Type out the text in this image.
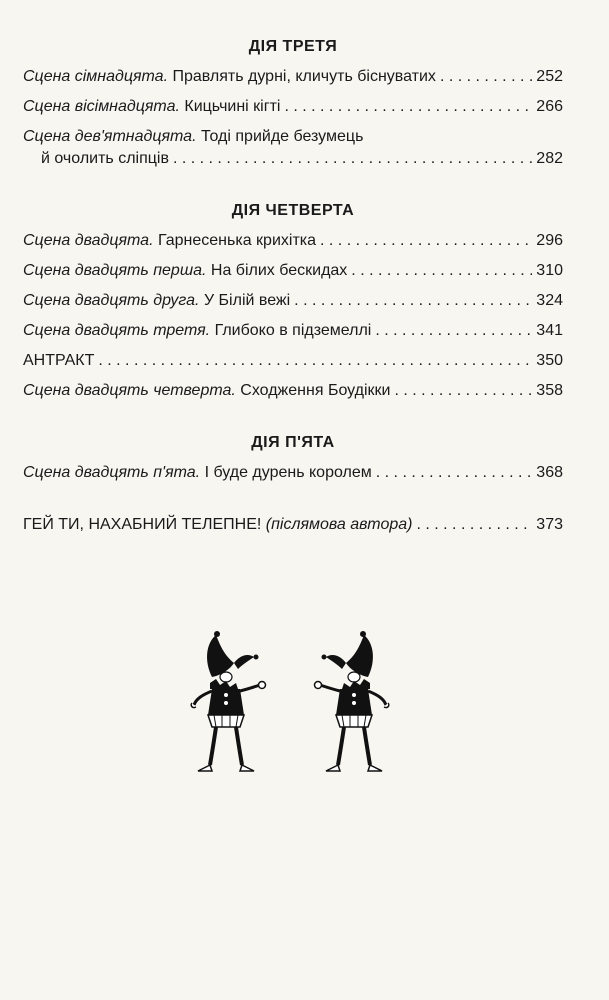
ДІЯ ТРЕТЯ
Сцена сімнадцята. Правлять дурні, кличуть біснуватих . . .	252
Сцена вісімнадцята. Кицьчині кігті . . .	266
Сцена дев'ятнадцята. Тоді прийде безумець
й очолить сліпців . . .	282
ДІЯ ЧЕТВЕРТА
Сцена двадцята. Гарнесенька крихітка . . .	296
Сцена двадцять перша. На білих бескидах . . .	310
Сцена двадцять друга. У Білій вежі . . .	324
Сцена двадцять третя. Глибоко в підземеллі . . .	341
АНТРАКТ . . .	350
Сцена двадцять четверта. Сходження Боудікки . . .	358
ДІЯ П'ЯТА
Сцена двадцять п'ята. І буде дурень королем . . .	368
ГЕЙ ТИ, НАХАБНИЙ ТЕЛЕПНЕ! (післямова автора) . . .	373
